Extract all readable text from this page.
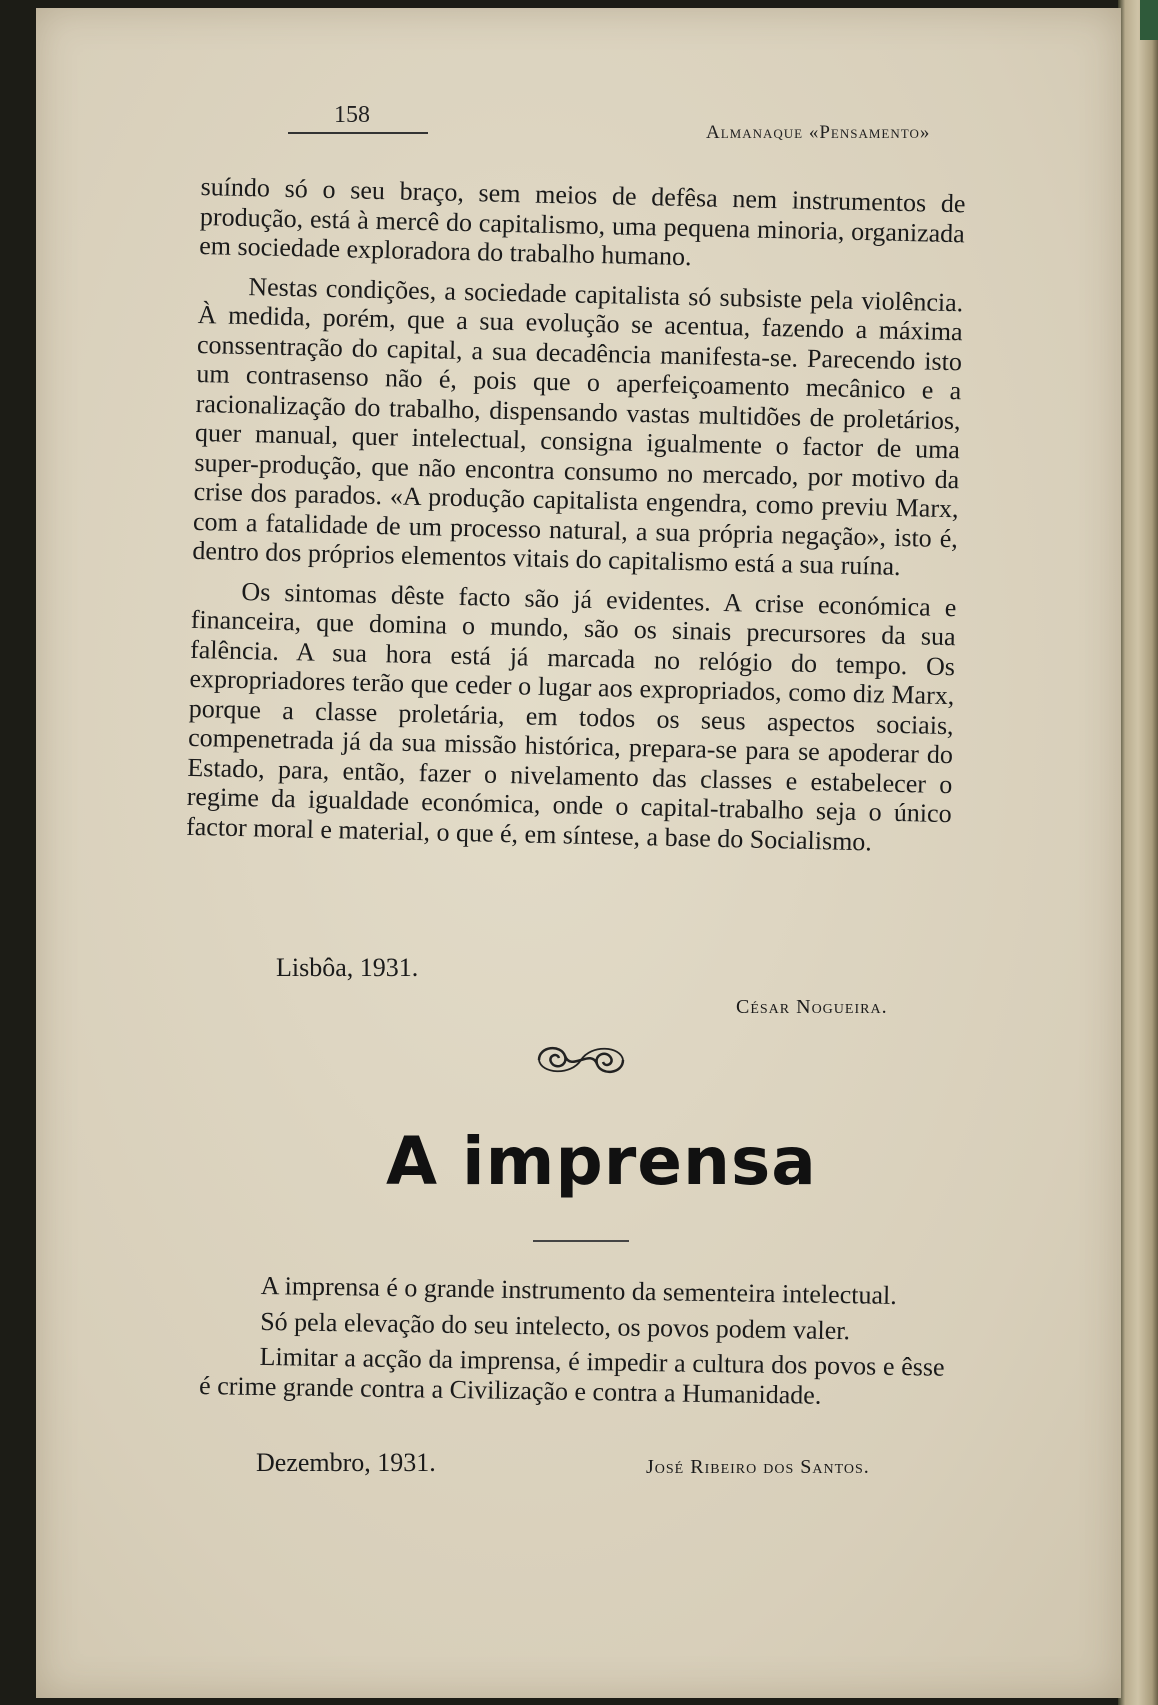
158
Almanaque «Pensamento»

suíndo só o seu braço, sem meios de defêsa nem instrumentos de produção, está à mercê do capitalismo, uma pequena minoria, organizada em sociedade exploradora do trabalho humano.

Nestas condições, a sociedade capitalista só subsiste pela violência. À medida, porém, que a sua evolução se acentua, fazendo a máxima conssentração do capital, a sua decadência manifesta-se. Parecendo isto um contrasenso não é, pois que o aperfeiçoamento mecânico e a racionalização do trabalho, dispensando vastas multidões de proletários, quer manual, quer intelectual, consigna igualmente o factor de uma super-produção, que não encontra consumo no mercado, por motivo da crise dos parados. «A produção capitalista engendra, como previu Marx, com a fatalidade de um processo natural, a sua própria negação», isto é, dentro dos próprios elementos vitais do capitalismo está a sua ruína.

Os sintomas dêste facto são já evidentes. A crise económica e financeira, que domina o mundo, são os sinais precursores da sua falência. A sua hora está já marcada no relógio do tempo. Os expropriadores terão que ceder o lugar aos expropriados, como diz Marx, porque a classe proletária, em todos os seus aspectos sociais, compenetrada já da sua missão histórica, prepara-se para se apoderar do Estado, para, então, fazer o nivelamento das classes e estabelecer o regime da igualdade económica, onde o capital-trabalho seja o único factor moral e material, o que é, em síntese, a base do Socialismo.

Lisbôa, 1931.
César Nogueira.
A imprensa

A imprensa é o grande instrumento da sementeira intelectual.

Só pela elevação do seu intelecto, os povos podem valer.

Limitar a acção da imprensa, é impedir a cultura dos povos e êsse é crime grande contra a Civilização e contra a Humanidade.

Dezembro, 1931.	José Ribeiro dos Santos.
